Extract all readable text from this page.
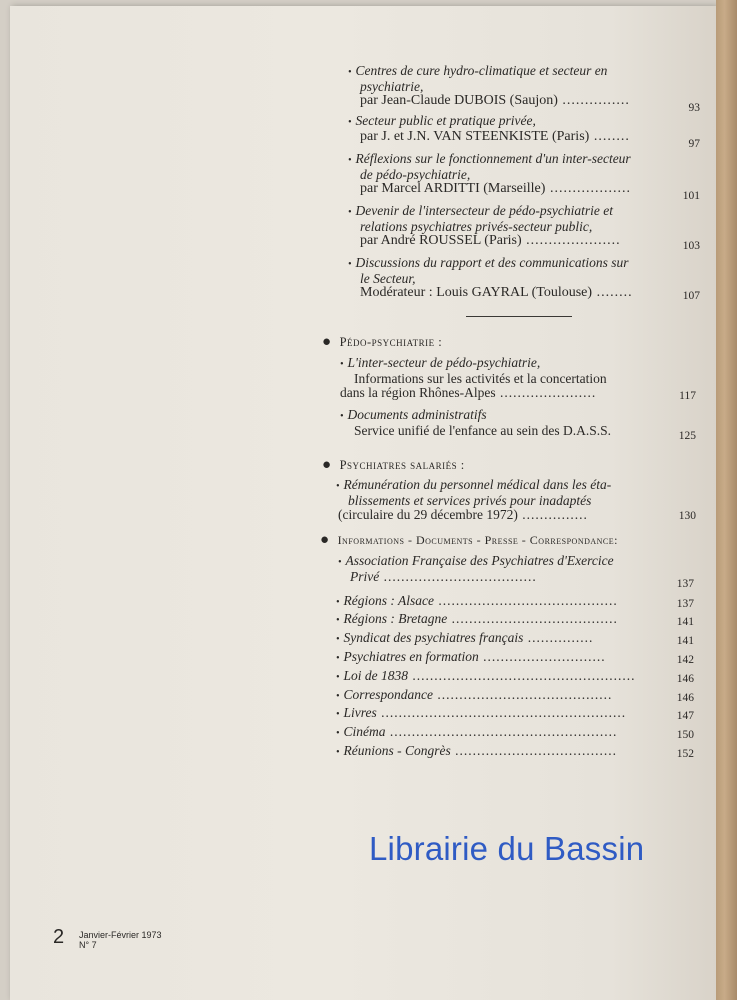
• Centres de cure hydro-climatique et secteur en
psychiatrie,
par Jean-Claude DUBOIS (Saujon) ...............	93
• Secteur public et pratique privée,
par J. et J.N. VAN STEENKISTE (Paris) ........	97
• Réflexions sur le fonctionnement d'un inter-secteur
de pédo-psychiatrie,
par Marcel ARDITTI (Marseille) ..................	101
• Devenir de l'intersecteur de pédo-psychiatrie et
relations psychiatres privés-secteur public,
par André ROUSSEL (Paris) .....................	103
• Discussions du rapport et des communications sur
le Secteur,
Modérateur : Louis GAYRAL (Toulouse) ........	107
● Pédo-psychiatrie :
• L'inter-secteur de pédo-psychiatrie,
Informations sur les activités et la concertation
dans la région Rhônes-Alpes ......................	117
• Documents administratifs
Service unifié de l'enfance au sein des D.A.S.S.	125
● Psychiatres salariés :
• Rémunération du personnel médical dans les éta-
blissements et services privés pour inadaptés
(circulaire du 29 décembre 1972) ...............	130
● Informations - Documents - Presse - Correspondance:
• Association Française des Psychiatres d'Exercice
Privé ...................................	137
• Régions : Alsace .........................................	137
• Régions : Bretagne ......................................	141
• Syndicat des psychiatres français ...............	141
• Psychiatres en formation ............................	142
• Loi de 1838 ...................................................	146
• Correspondance ........................................	146
• Livres ........................................................	147
• Cinéma ....................................................	150
• Réunions - Congrès .....................................	152
Librairie du Bassin
2 Janvier-Février 1973
N° 7
